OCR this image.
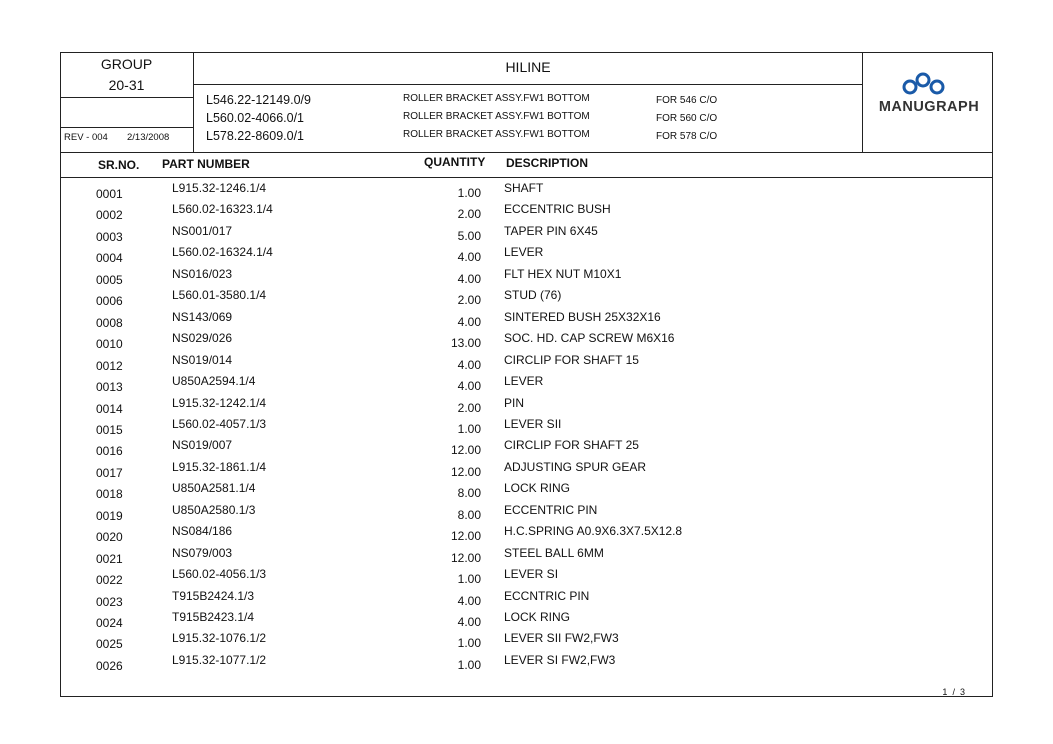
GROUP
20-31
REV - 004 2/13/2008
HILINE
L546.22-12149.0/9	ROLLER BRACKET ASSY.FW1 BOTTOM	FOR 546 C/O
L560.02-4066.0/1	ROLLER BRACKET ASSY.FW1 BOTTOM	FOR 560 C/O
L578.22-8609.0/1	ROLLER BRACKET ASSY.FW1 BOTTOM	FOR 578 C/O
MANUGRAPH
SR.NO. PART NUMBER	QUANTITY DESCRIPTION
0001	L915.32-1246.1/4	1.00 SHAFT
0002	L560.02-16323.1/4	2.00 ECCENTRIC BUSH
0003	NS001/017	5.00 TAPER PIN 6X45
0004	L560.02-16324.1/4	4.00 LEVER
0005	NS016/023	4.00 FLT HEX NUT M10X1
0006	L560.01-3580.1/4	2.00 STUD (76)
0008	NS143/069	4.00 SINTERED BUSH 25X32X16
0010	NS029/026	13.00 SOC. HD. CAP SCREW M6X16
0012	NS019/014	4.00 CIRCLIP FOR SHAFT 15
0013	U850A2594.1/4	4.00 LEVER
0014	L915.32-1242.1/4	2.00 PIN
0015	L560.02-4057.1/3	1.00 LEVER SII
0016	NS019/007	12.00 CIRCLIP FOR SHAFT 25
0017	L915.32-1861.1/4	12.00 ADJUSTING SPUR GEAR
0018	U850A2581.1/4	8.00 LOCK RING
0019	U850A2580.1/3	8.00 ECCENTRIC PIN
0020	NS084/186	12.00 H.C.SPRING A0.9X6.3X7.5X12.8
0021	NS079/003	12.00 STEEL BALL 6MM
0022	L560.02-4056.1/3	1.00 LEVER SI
0023	T915B2424.1/3	4.00 ECCNTRIC PIN
0024	T915B2423.1/4	4.00 LOCK RING
0025	L915.32-1076.1/2	1.00 LEVER SII FW2,FW3
0026	L915.32-1077.1/2	1.00 LEVER SI FW2,FW3
1 / 3
